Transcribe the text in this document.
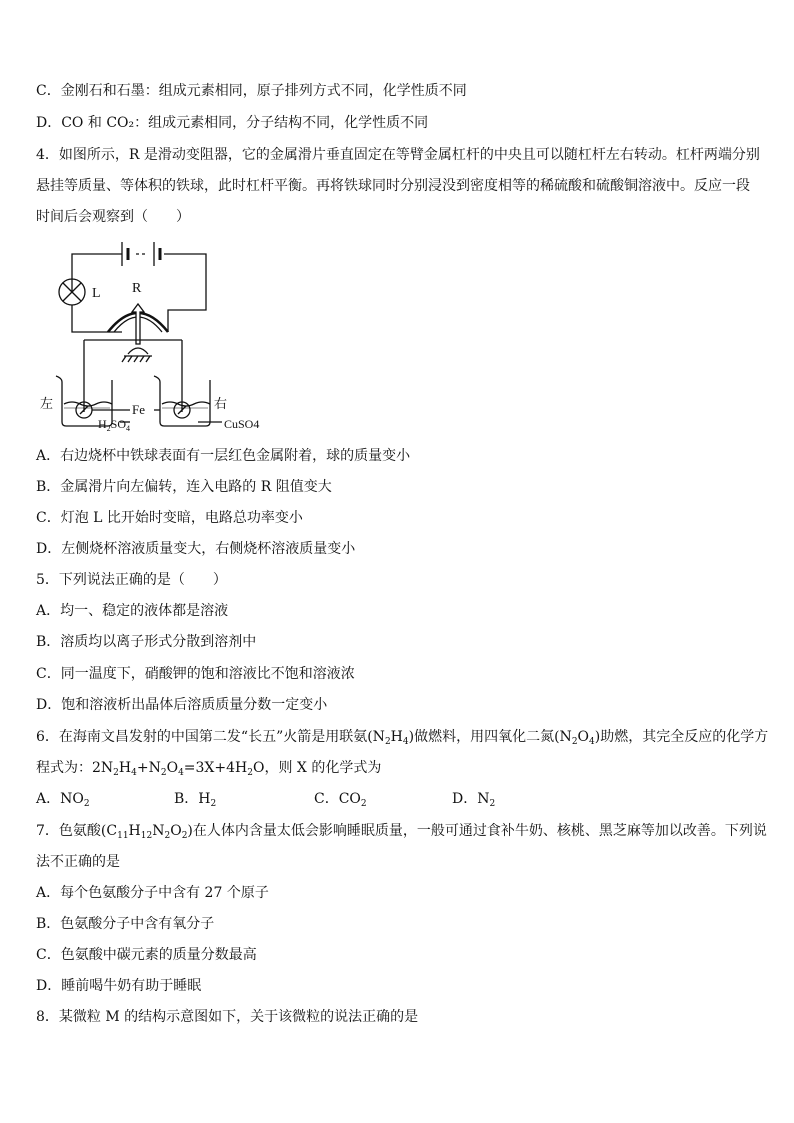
C．金刚石和石墨：组成元素相同，原子排列方式不同，化学性质不同
D．CO 和 CO₂：组成元素相同，分子结构不同，化学性质不同
4．如图所示，R 是滑动变阻器，它的金属滑片垂直固定在等臂金属杠杆的中央且可以随杠杆左右转动。杠杆两端分别
悬挂等质量、等体积的铁球，此时杠杆平衡。再将铁球同时分别浸没到密度相等的稀硫酸和硫酸铜溶液中。反应一段
时间后会观察到（　　）
L R
左	右
Fe
$H_2SO_4$	CuSO4
A．右边烧杯中铁球表面有一层红色金属附着，球的质量变小
B．金属滑片向左偏转，连入电路的 R 阻值变大
C．灯泡 L 比开始时变暗，电路总功率变小
D．左侧烧杯溶液质量变大，右侧烧杯溶液质量变小
5．下列说法正确的是（　　）
A．均一、稳定的液体都是溶液
B．溶质均以离子形式分散到溶剂中
C．同一温度下，硝酸钾的饱和溶液比不饱和溶液浓
D．饱和溶液析出晶体后溶质质量分数一定变小
6．在海南文昌发射的中国第二发“长五”火箭是用联氨$(N_2H_4)$做燃料，用四氧化二氮$(N_2O_4)$助燃，其完全反应的化学方
程式为：$2N_2H_4+N_2O_4=3X+4H_2O$，则 X 的化学式为
A．$NO_2$	B．$H_2$	C．$CO_2$	D．$N_2$
7．色氨酸$(C_{11}H_{12}N_2O_2)$在人体内含量太低会影响睡眠质量，一般可通过食补牛奶、核桃、黑芝麻等加以改善。下列说
法不正确的是
A．每个色氨酸分子中含有 27 个原子
B．色氨酸分子中含有氧分子
C．色氨酸中碳元素的质量分数最高
D．睡前喝牛奶有助于睡眠
8．某微粒 M 的结构示意图如下，关于该微粒的说法正确的是
